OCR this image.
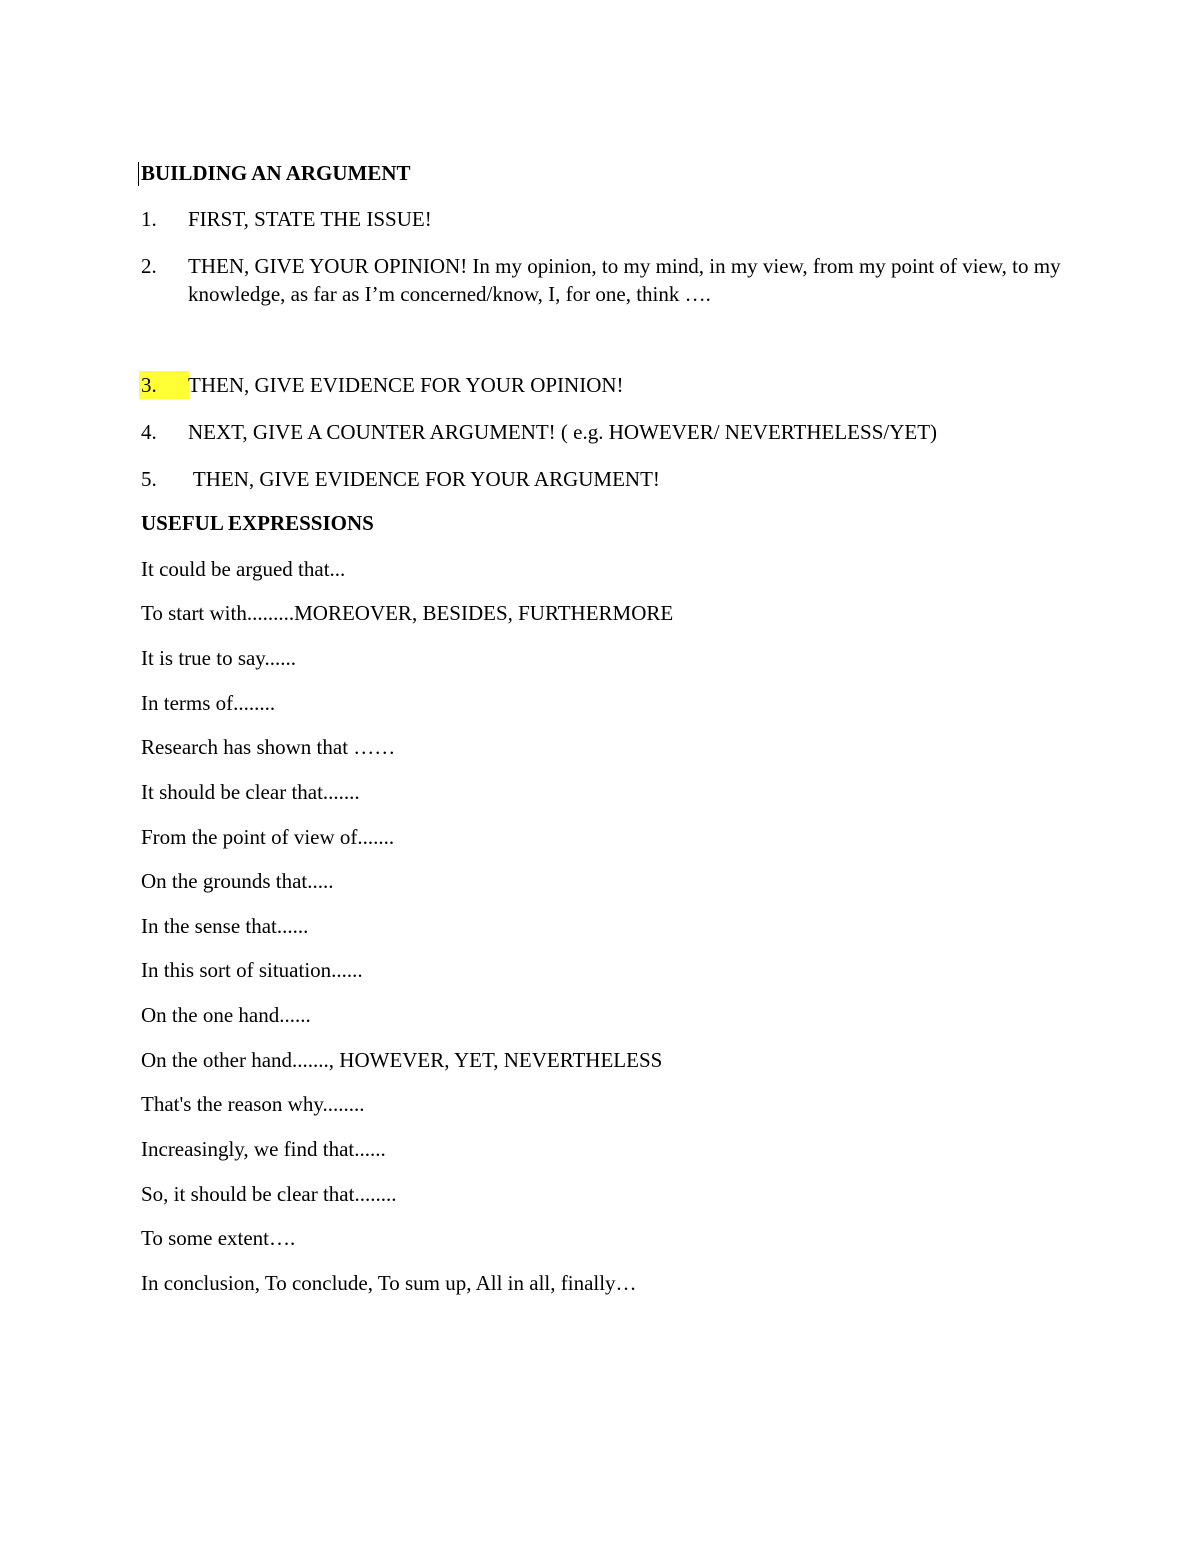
BUILDING AN ARGUMENT
1.	FIRST, STATE THE ISSUE!
2.	THEN, GIVE YOUR OPINION! In my opinion, to my mind, in my view, from my point of view, to my knowledge, as far as I’m concerned/know, I, for one, think ….
3.	THEN, GIVE EVIDENCE FOR YOUR OPINION!
4.	NEXT, GIVE A COUNTER ARGUMENT! ( e.g. HOWEVER/ NEVERTHELESS/YET)
5.	THEN, GIVE EVIDENCE FOR YOUR ARGUMENT!
USEFUL EXPRESSIONS
It could be argued that...
To start with.........MOREOVER, BESIDES, FURTHERMORE
It is true to say......
In terms of........
Research has shown that ……
It should be clear that.......
From the point of view of.......
On the grounds that.....
In the sense that......
In this sort of situation......
On the one hand......
On the other hand......., HOWEVER, YET, NEVERTHELESS
That's the reason why........
Increasingly, we find that......
So, it should be clear that........
To some extent….
In conclusion, To conclude, To sum up, All in all, finally…
